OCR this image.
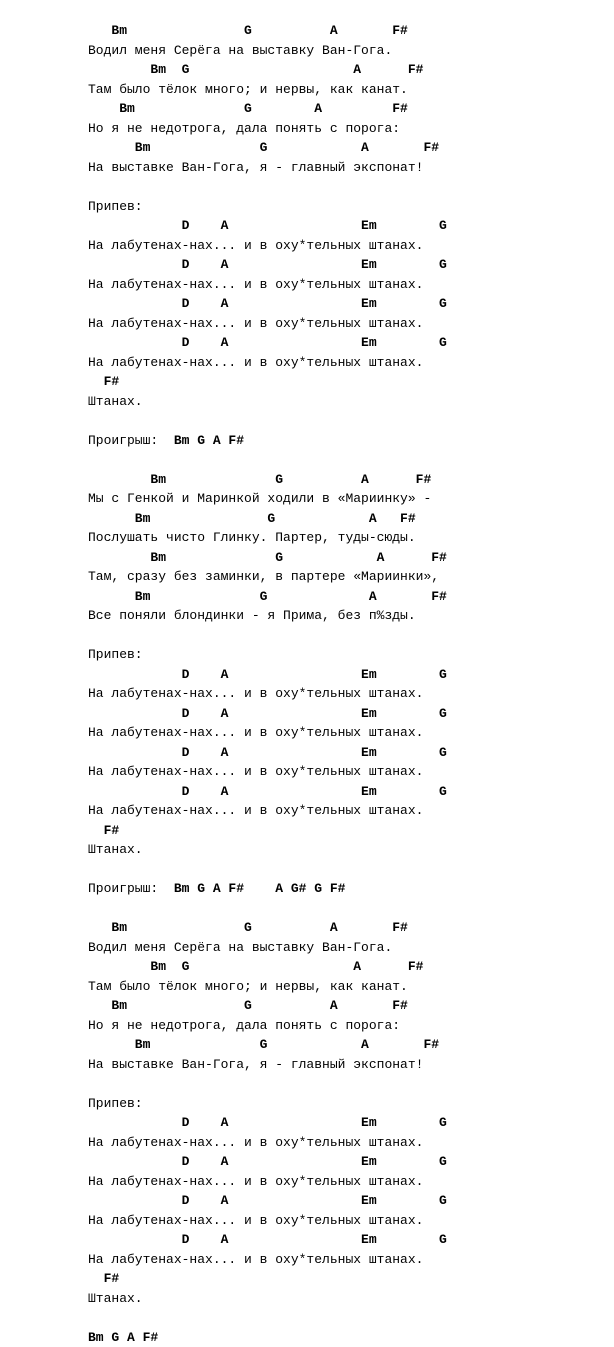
Bm               G          A       F#
Водил меня Серёга на выставку Ван-Гога.
Bm  G                     A      F#
Там было тёлок много; и нервы, как канат.
Bm              G        A         F#
Но я не недотрога, дала понять с порога:
Bm              G            A       F#
На выставке Ван-Гога, я - главный экспонат!
Припев:
D    A                 Em        G
На лабутенах-нах... и в оху*тельных штанах.
D    A                 Em        G
На лабутенах-нах... и в оху*тельных штанах.
D    A                 Em        G
На лабутенах-нах... и в оху*тельных штанах.
D    A                 Em        G
На лабутенах-нах... и в оху*тельных штанах.
F#
Штанах.
Проигрыш: Bm G A F#
Bm              G          A      F#
Мы с Генкой и Маринкой ходили в «Мариинку» -
Bm               G            A   F#
Послушать чисто Глинку. Партер, туды-сюды.
Bm              G            A      F#
Там, сразу без заминки, в партере «Мариинки»,
Bm              G             A       F#
Все поняли блондинки - я Прима, без п%зды.
Припев:
D    A                 Em        G
На лабутенах-нах... и в оху*тельных штанах.
D    A                 Em        G
На лабутенах-нах... и в оху*тельных штанах.
D    A                 Em        G
На лабутенах-нах... и в оху*тельных штанах.
D    A                 Em        G
На лабутенах-нах... и в оху*тельных штанах.
F#
Штанах.
Проигрыш: Bm G A F#    A G# G F#
Bm               G          A       F#
Водил меня Серёга на выставку Ван-Гога.
Bm  G                     A      F#
Там было тёлок много; и нервы, как канат.
Bm               G          A       F#
Но я не недотрога, дала понять с порога:
Bm              G            A       F#
На выставке Ван-Гога, я - главный экспонат!
Припев:
D    A                 Em        G
На лабутенах-нах... и в оху*тельных штанах.
D    A                 Em        G
На лабутенах-нах... и в оху*тельных штанах.
D    A                 Em        G
На лабутенах-нах... и в оху*тельных штанах.
D    A                 Em        G
На лабутенах-нах... и в оху*тельных штанах.
F#
Штанах.
Bm G A F#
